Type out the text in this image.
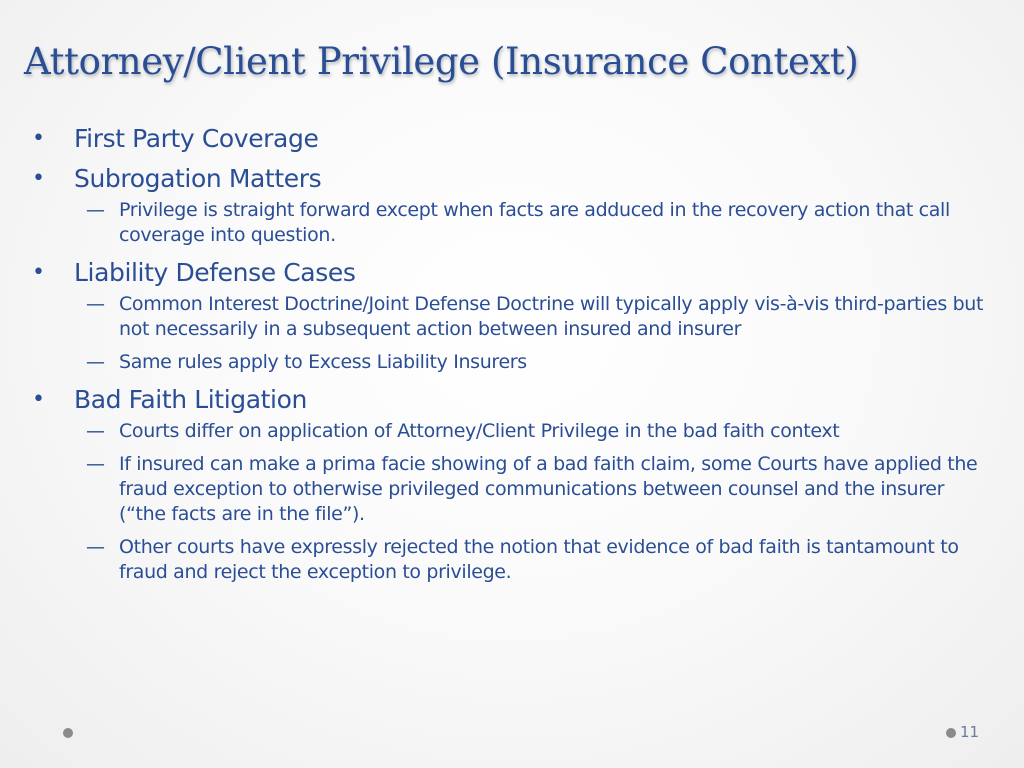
Attorney/Client Privilege (Insurance Context)
• First Party Coverage
• Subrogation Matters
— Privilege is straight forward except when facts are adduced in the recovery action that call coverage into question.
• Liability Defense Cases
— Common Interest Doctrine/Joint Defense Doctrine will typically apply vis-à-vis third-parties but not necessarily in a subsequent action between insured and insurer
— Same rules apply to Excess Liability Insurers
• Bad Faith Litigation
— Courts differ on application of Attorney/Client Privilege in the bad faith context
— If insured can make a prima facie showing of a bad faith claim, some Courts have applied the fraud exception to otherwise privileged communications between counsel and the insurer (“the facts are in the file”).
— Other courts have expressly rejected the notion that evidence of bad faith is tantamount to fraud and reject the exception to privilege.
11
